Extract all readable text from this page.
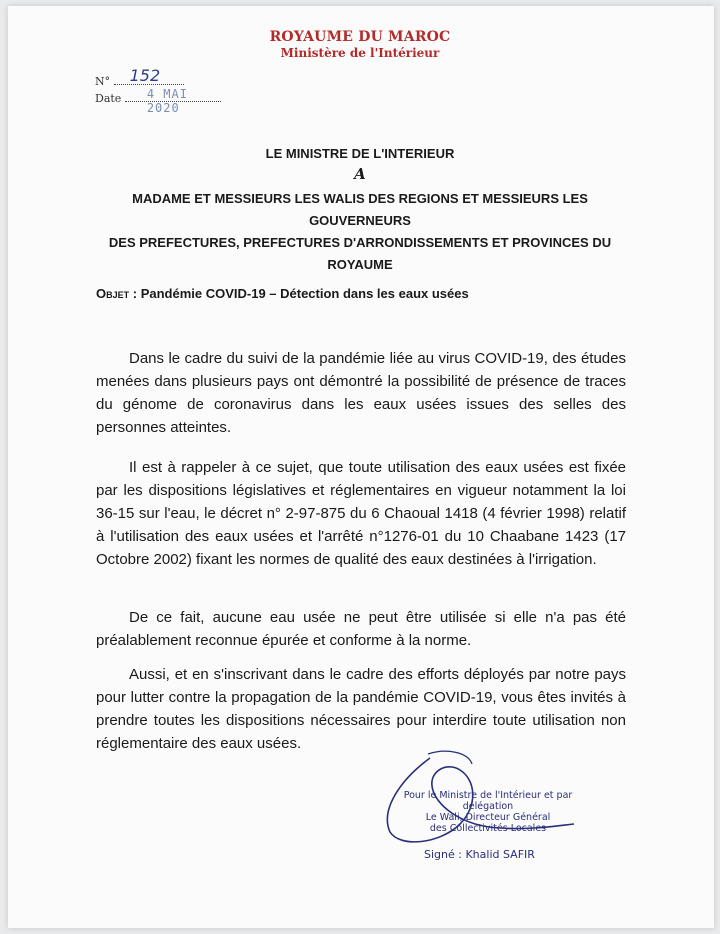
ROYAUME DU MAROC
Ministère de l'Intérieur
N° 152
Date 4 MAI 2020
LE MINISTRE DE L'INTERIEUR
A
MADAME ET MESSIEURS LES WALIS DES REGIONS ET MESSIEURS LES GOUVERNEURS
DES PREFECTURES, PREFECTURES D'ARRONDISSEMENTS ET PROVINCES DU
ROYAUME
Objet : Pandémie COVID-19 – Détection dans les eaux usées

Dans le cadre du suivi de la pandémie liée au virus COVID-19, des études menées dans plusieurs pays ont démontré la possibilité de présence de traces du génome de coronavirus dans les eaux usées issues des selles des personnes atteintes.

Il est à rappeler à ce sujet, que toute utilisation des eaux usées est fixée par les dispositions législatives et réglementaires en vigueur notamment la loi 36-15 sur l'eau, le décret n° 2-97-875 du 6 Chaoual 1418 (4 février 1998) relatif à l'utilisation des eaux usées et l'arrêté n°1276-01 du 10 Chaabane 1423 (17 Octobre 2002) fixant les normes de qualité des eaux destinées à l'irrigation.

De ce fait, aucune eau usée ne peut être utilisée si elle n'a pas été préalablement reconnue épurée et conforme à la norme.

Aussi, et en s'inscrivant dans le cadre des efforts déployés par notre pays pour lutter contre la propagation de la pandémie COVID-19, vous êtes invités à prendre toutes les dispositions nécessaires pour interdire toute utilisation non réglementaire des eaux usées.

Pour le Ministre de l'Intérieur et par délégation
Le Wali, Directeur Général
des Collectivités Locales
Signé : Khalid SAFIR
